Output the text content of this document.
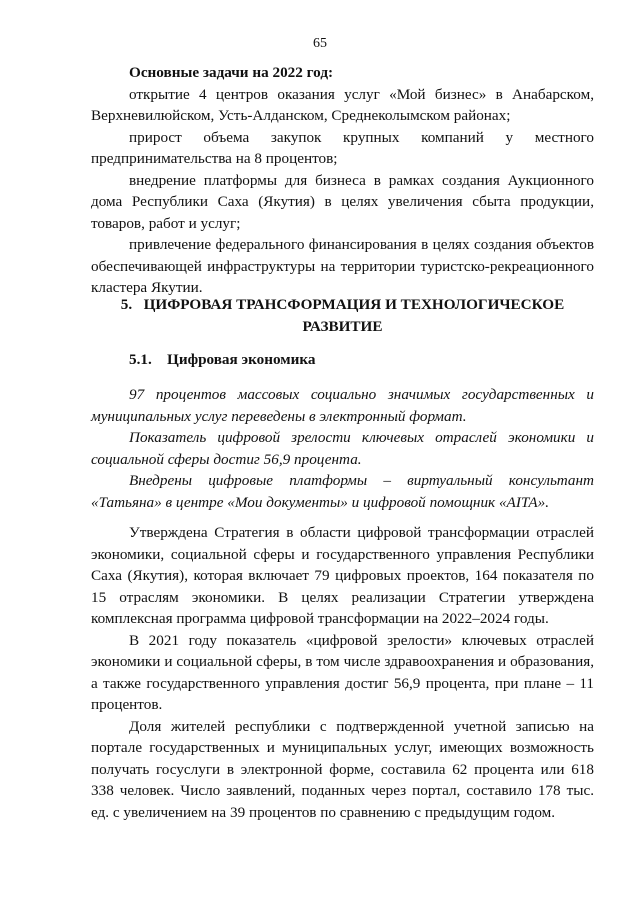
65

Основные задачи на 2022 год:

открытие 4 центров оказания услуг «Мой бизнес» в Анабарском, Верхневилюйском, Усть-Алданском, Среднеколымском районах;

прирост объема закупок крупных компаний у местного предпринимательства на 8 процентов;

внедрение платформы для бизнеса в рамках создания Аукционного дома Республики Саха (Якутия) в целях увеличения сбыта продукции, товаров, работ и услуг;

привлечение федерального финансирования в целях создания объектов обеспечивающей инфраструктуры на территории туристско-рекреационного кластера Якутии.

5. ЦИФРОВАЯ ТРАНСФОРМАЦИЯ И ТЕХНОЛОГИЧЕСКОЕ
РАЗВИТИЕ
5.1. Цифровая экономика

97 процентов массовых социально значимых государственных и муниципальных услуг переведены в электронный формат.

Показатель цифровой зрелости ключевых отраслей экономики и социальной сферы достиг 56,9 процента.

Внедрены цифровые платформы – виртуальный консультант «Татьяна» в центре «Мои документы» и цифровой помощник «АІТА».

Утверждена Стратегия в области цифровой трансформации отраслей экономики, социальной сферы и государственного управления Республики Саха (Якутия), которая включает 79 цифровых проектов, 164 показателя по 15 отраслям экономики. В целях реализации Стратегии утверждена комплексная программа цифровой трансформации на 2022–2024 годы.

В 2021 году показатель «цифровой зрелости» ключевых отраслей экономики и социальной сферы, в том числе здравоохранения и образования, а также государственного управления достиг 56,9 процента, при плане – 11 процентов.

Доля жителей республики с подтвержденной учетной записью на портале государственных и муниципальных услуг, имеющих возможность получать госуслуги в электронной форме, составила 62 процента или 618 338 человек. Число заявлений, поданных через портал, составило 178 тыс. ед. с увеличением на 39 процентов по сравнению с предыдущим годом.
